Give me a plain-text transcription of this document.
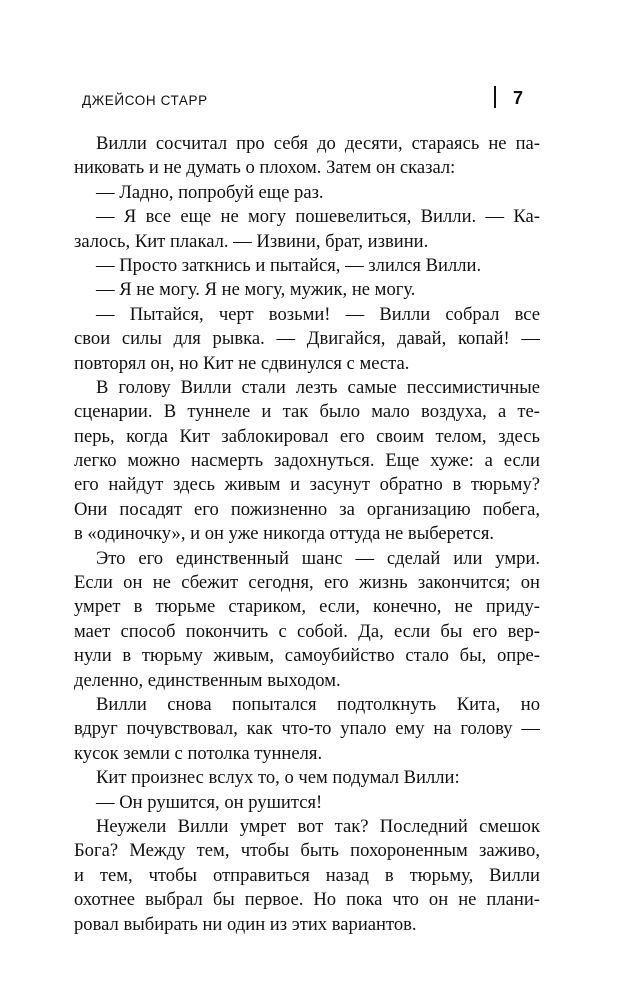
ДЖЕЙСОН СТАРР	7
Вилли сосчитал про себя до десяти, стараясь не па-
никовать и не думать о плохом. Затем он сказал:
— Ладно, попробуй еще раз.
— Я все еще не могу пошевелиться, Вилли. — Ка-
залось, Кит плакал. — Извини, брат, извини.
— Просто заткнись и пытайся, — злился Вилли.
— Я не могу. Я не могу, мужик, не могу.
— Пытайся, черт возьми! — Вилли собрал все
свои силы для рывка. — Двигайся, давай, копай! —
повторял он, но Кит не сдвинулся с места.
В голову Вилли стали лезть самые пессимистичные
сценарии. В туннеле и так было мало воздуха, а те-
перь, когда Кит заблокировал его своим телом, здесь
легко можно насмерть задохнуться. Еще хуже: а если
его найдут здесь живым и засунут обратно в тюрьму?
Они посадят его пожизненно за организацию побега,
в «одиночку», и он уже никогда оттуда не выберется.
Это его единственный шанс — сделай или умри.
Если он не сбежит сегодня, его жизнь закончится; он
умрет в тюрьме стариком, если, конечно, не приду-
мает способ покончить с собой. Да, если бы его вер-
нули в тюрьму живым, самоубийство стало бы, опре-
деленно, единственным выходом.
Вилли снова попытался подтолкнуть Кита, но
вдруг почувствовал, как что-то упало ему на голову —
кусок земли с потолка туннеля.
Кит произнес вслух то, о чем подумал Вилли:
— Он рушится, он рушится!
Неужели Вилли умрет вот так? Последний смешок
Бога? Между тем, чтобы быть похороненным заживо,
и тем, чтобы отправиться назад в тюрьму, Вилли
охотнее выбрал бы первое. Но пока что он не плани-
ровал выбирать ни один из этих вариантов.
